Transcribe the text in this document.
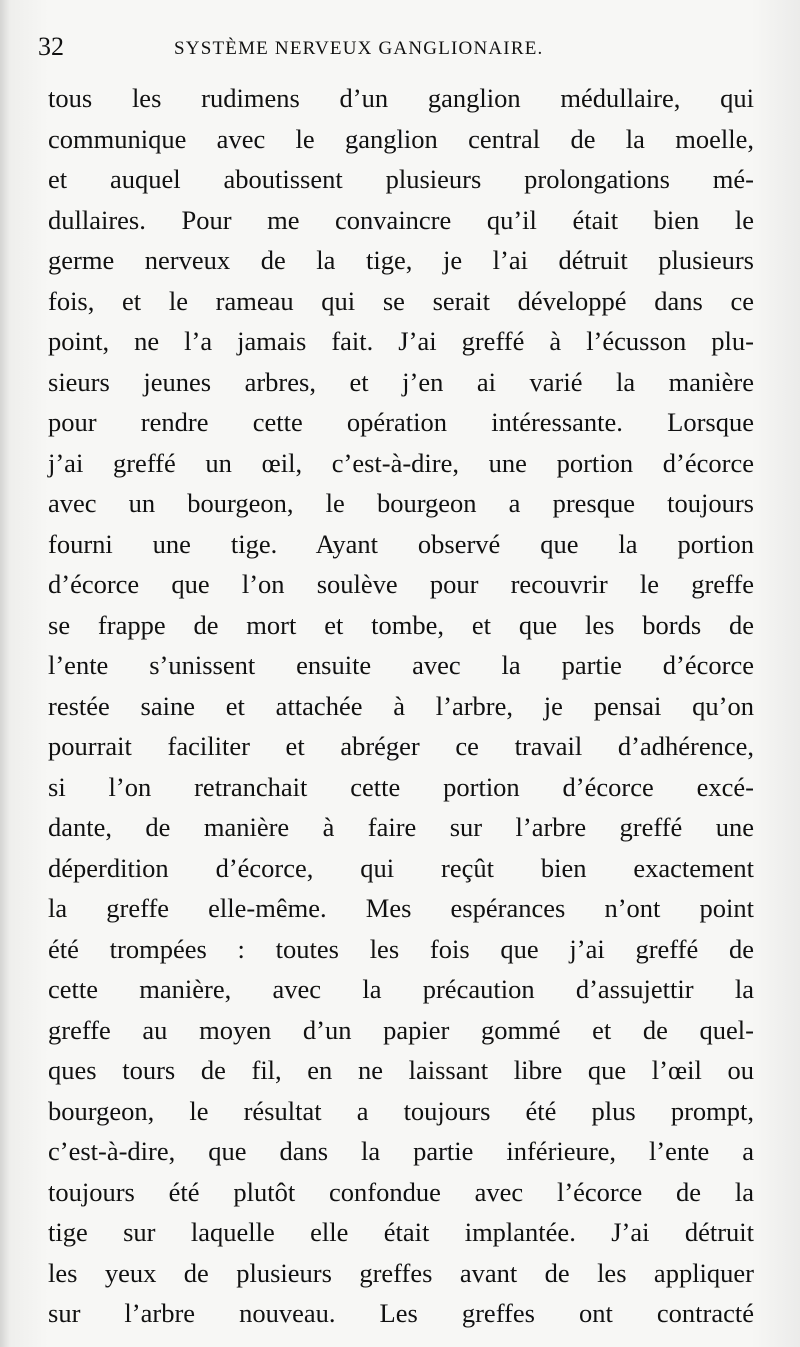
32	SYSTÈME NERVEUX GANGLIONAIRE.
tous les rudimens d’un ganglion médullaire, qui
communique avec le ganglion central de la moelle,
et auquel aboutissent plusieurs prolongations mé-
dullaires. Pour me convaincre qu’il était bien le
germe nerveux de la tige, je l’ai détruit plusieurs
fois, et le rameau qui se serait développé dans ce
point, ne l’a jamais fait. J’ai greffé à l’écusson plu-
sieurs jeunes arbres, et j’en ai varié la manière
pour rendre cette opération intéressante. Lorsque
j’ai greffé un œil, c’est-à-dire, une portion d’écorce
avec un bourgeon, le bourgeon a presque toujours
fourni une tige. Ayant observé que la portion
d’écorce que l’on soulève pour recouvrir le greffe
se frappe de mort et tombe, et que les bords de
l’ente s’unissent ensuite avec la partie d’écorce
restée saine et attachée à l’arbre, je pensai qu’on
pourrait faciliter et abréger ce travail d’adhérence,
si l’on retranchait cette portion d’écorce excé-
dante, de manière à faire sur l’arbre greffé une
déperdition d’écorce, qui reçût bien exactement
la greffe elle-même. Mes espérances n’ont point
été trompées : toutes les fois que j’ai greffé de
cette manière, avec la précaution d’assujettir la
greffe au moyen d’un papier gommé et de quel-
ques tours de fil, en ne laissant libre que l’œil ou
bourgeon, le résultat a toujours été plus prompt,
c’est-à-dire, que dans la partie inférieure, l’ente a
toujours été plutôt confondue avec l’écorce de la
tige sur laquelle elle était implantée. J’ai détruit
les yeux de plusieurs greffes avant de les appliquer
sur l’arbre nouveau. Les greffes ont contracté
